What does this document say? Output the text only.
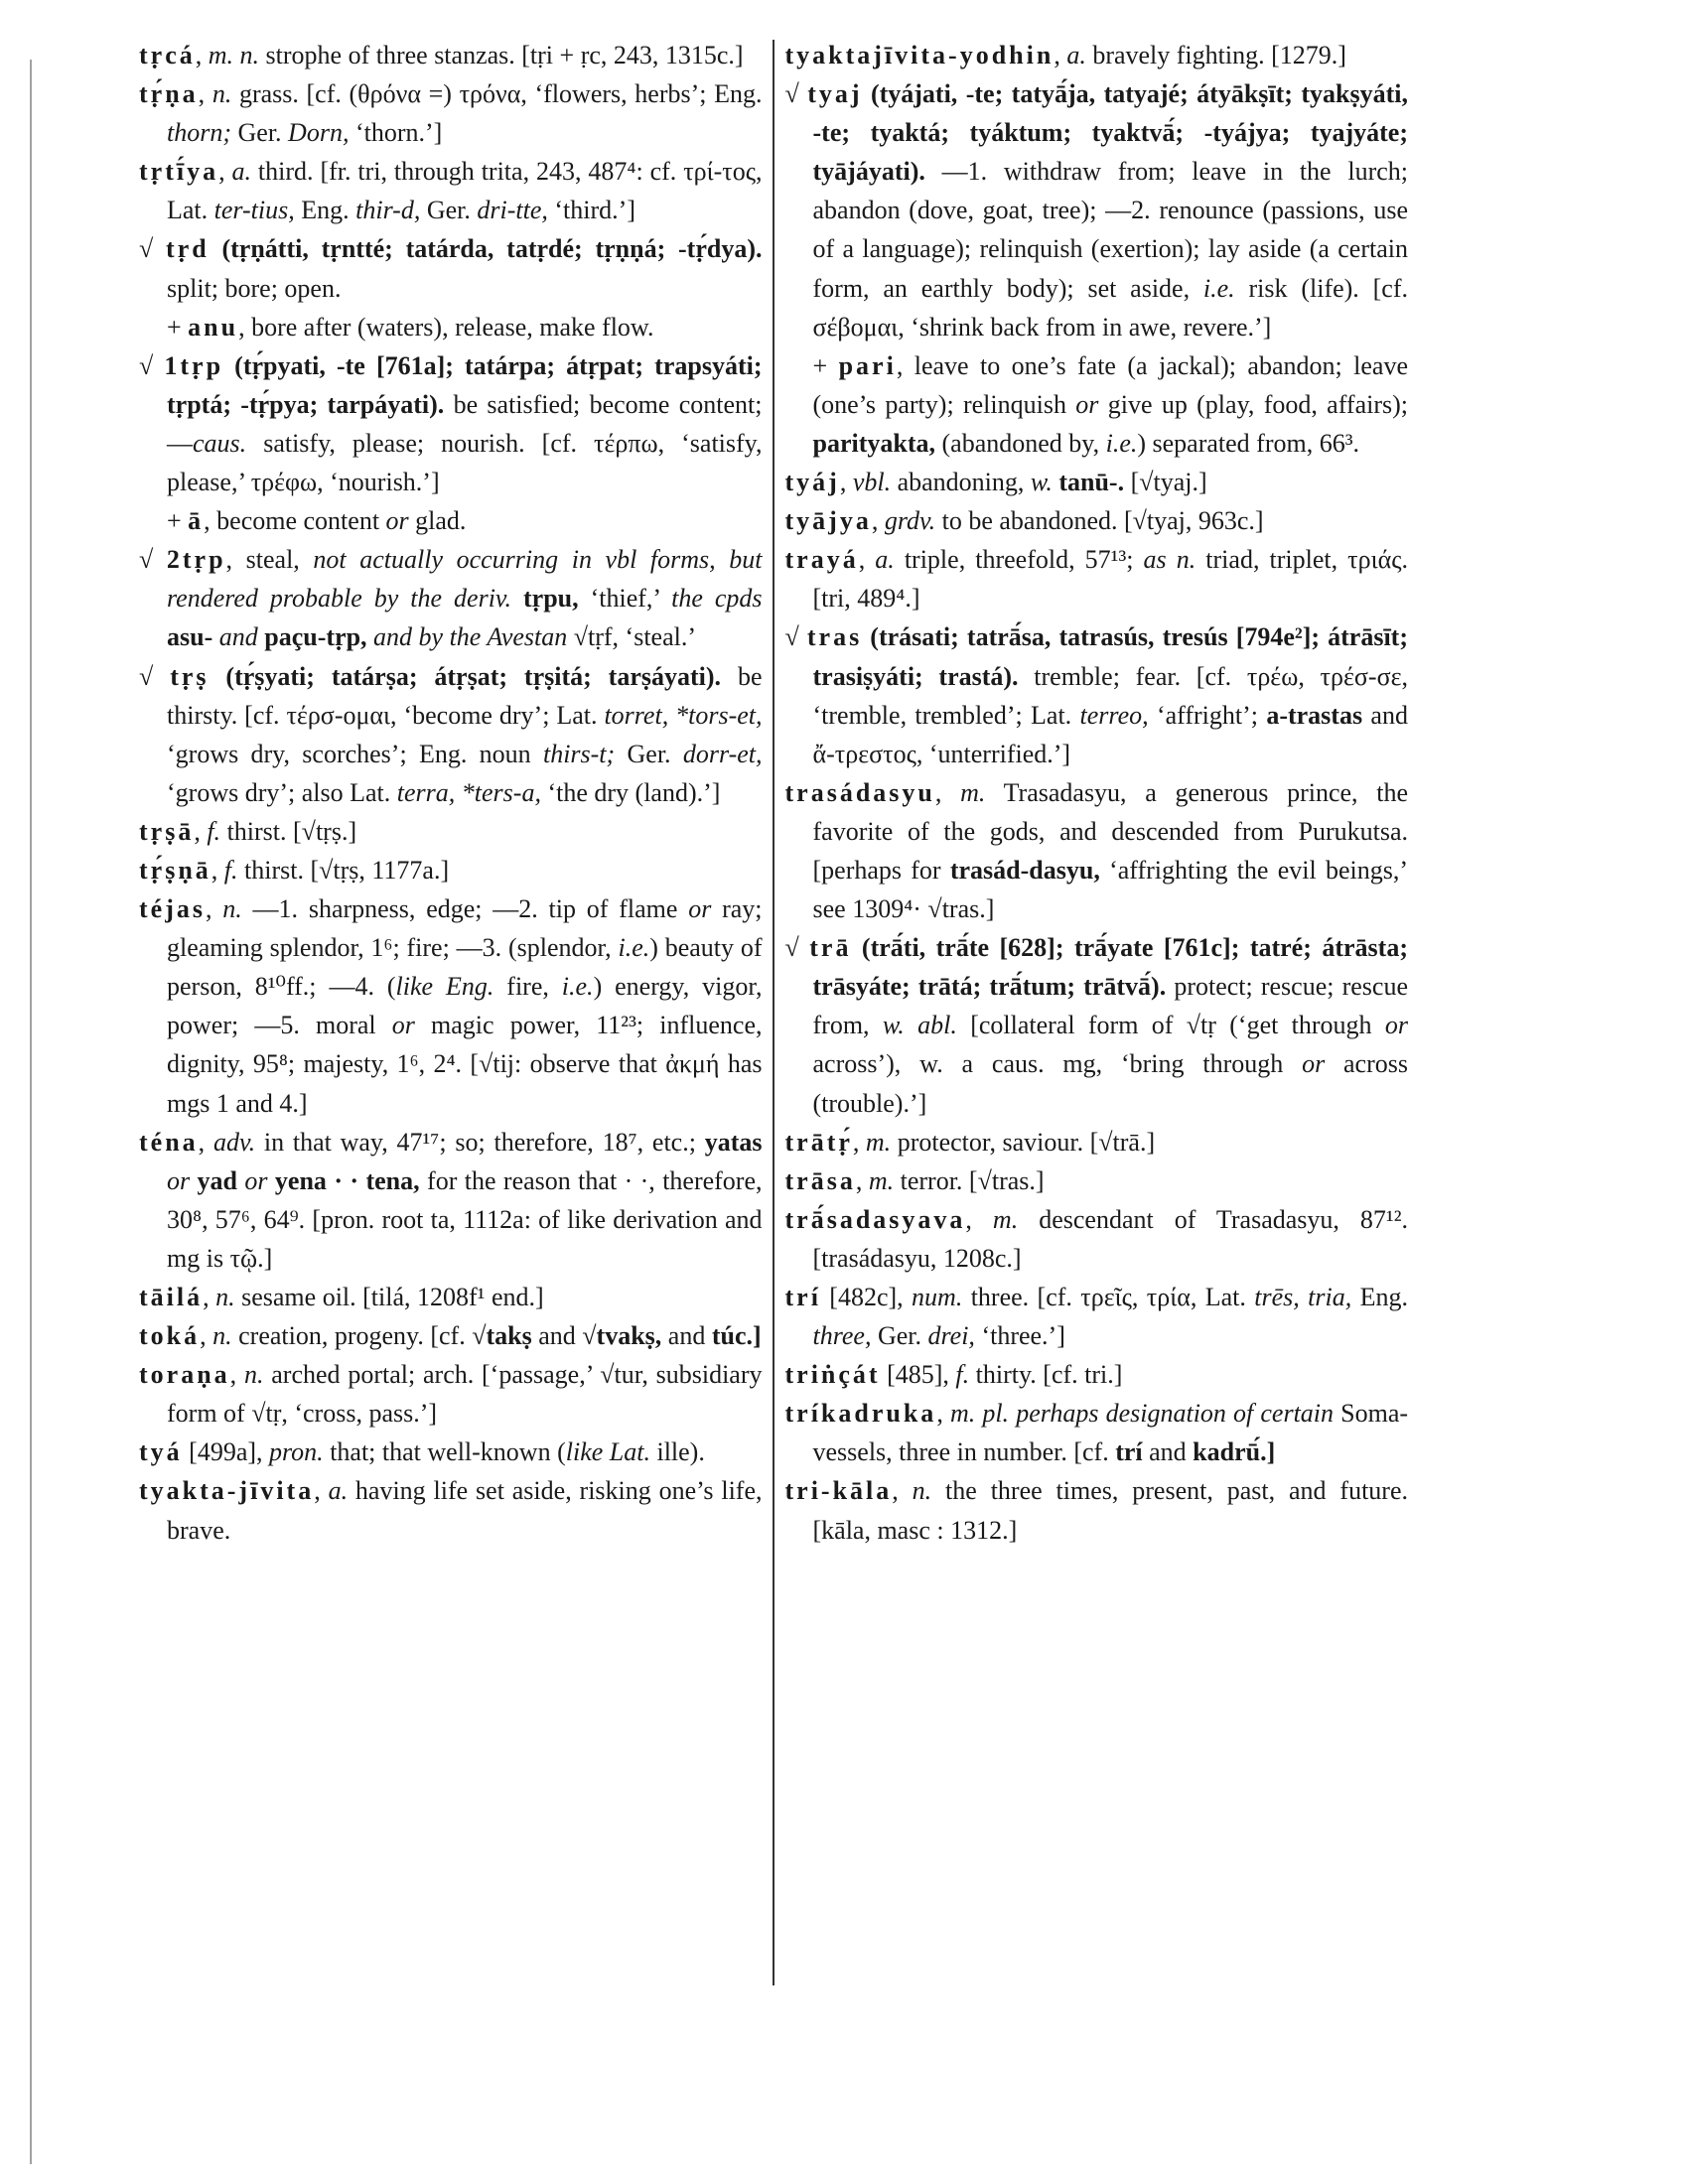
tṛcá, m. n. strophe of three stanzas. [tṛi + ṛc, 243, 1315c.]

tṛ́ṇa, n. grass. [cf. (θρόνα =) τρόνα, ‘flowers, herbs’; Eng. thorn; Ger. Dorn, ‘thorn.’]

tṛtī́ya, a. third. [fr. tri, through trita, 243, 487⁴: cf. τρί-τος, Lat. ter-tius, Eng. thir-d, Ger. dri-tte, ‘third.’]

√ tṛd (tṛṇátti, tṛntté; tatárda, tatṛdé; tṛṇṇá; -tṛ́dya). split; bore; open.

+ anu, bore after (waters), release, make flow.

√ 1tṛp (tṛ́pyati, -te [761a]; tatárpa; átṛpat; trapsyáti; tṛptá; -tṛ́pya; tarpáyati). be satisfied; become content; —caus. satisfy, please; nourish. [cf. τέρπω, ‘satisfy, please,’ τρέφω, ‘nourish.’]

+ ā, become content or glad.

√ 2tṛp, steal, not actually occurring in vbl forms, but rendered probable by the deriv. tṛpu, ‘thief,’ the cpds asu- and paçu-tṛp, and by the Avestan √tṛf, ‘steal.’

√ tṛṣ (tṛ́ṣyati; tatárṣa; átṛṣat; tṛṣitá; tarṣáyati). be thirsty. [cf. τέρσ-ομαι, ‘become dry’; Lat. torret, *tors-et, ‘grows dry, scorches’; Eng. noun thirs-t; Ger. dorr-et, ‘grows dry’; also Lat. terra, *ters-a, ‘the dry (land).’]

tṛṣā, f. thirst. [√tṛṣ.]

tṛ́ṣṇā, f. thirst. [√tṛṣ, 1177a.]

téjas, n. —1. sharpness, edge; —2. tip of flame or ray; gleaming splendor, 1⁶; fire; —3. (splendor, i.e.) beauty of person, 8¹⁰ff.; —4. (like Eng. fire, i.e.) energy, vigor, power; —5. moral or magic power, 11²³; influence, dignity, 95⁸; majesty, 1⁶, 2⁴. [√tij: observe that ἀκμή has mgs 1 and 4.]

téna, adv. in that way, 47¹⁷; so; therefore, 18⁷, etc.; yatas or yad or yena · · tena, for the reason that · ·, therefore, 30⁸, 57⁶, 64⁹. [pron. root ta, 1112a: of like derivation and mg is τῷ.]

tāilá, n. sesame oil. [tilá, 1208f¹ end.]

toká, n. creation, progeny. [cf. √takṣ and √tvakṣ, and túc.]

toraṇa, n. arched portal; arch. [‘passage,’ √tur, subsidiary form of √tṛ, ‘cross, pass.’]

tyá [499a], pron. that; that well-known (like Lat. ille).

tyakta-jīvita, a. having life set aside, risking one’s life, brave.

tyaktajīvita-yodhin, a. bravely fighting. [1279.]

√ tyaj (tyájati, -te; tatyā́ja, tatyajé; átyākṣīt; tyakṣyáti, -te; tyaktá; tyáktum; tyaktvā́; -tyájya; tyajyáte; tyājáyati). —1. withdraw from; leave in the lurch; abandon (dove, goat, tree); —2. renounce (passions, use of a language); relinquish (exertion); lay aside (a certain form, an earthly body); set aside, i.e. risk (life). [cf. σέβομαι, ‘shrink back from in awe, revere.’]

+ pari, leave to one’s fate (a jackal); abandon; leave (one’s party); relinquish or give up (play, food, affairs); parityakta, (abandoned by, i.e.) separated from, 66³.

tyáj, vbl. abandoning, w. tanū-. [√tyaj.]

tyājya, grdv. to be abandoned. [√tyaj, 963c.]

trayá, a. triple, threefold, 57¹³; as n. triad, triplet, τριάς. [tri, 489⁴.]

√ tras (trásati; tatrā́sa, tatrasús, tresús [794e²]; átrāsīt; trasiṣyáti; trastá). tremble; fear. [cf. τρέω, τρέσ-σε, ‘tremble, trembled’; Lat. terreo, ‘affright’; a-trastas and ἄ-τρεστος, ‘unterrified.’]

trasádasyu, m. Trasadasyu, a generous prince, the favorite of the gods, and descended from Purukutsa. [perhaps for trasád-dasyu, ‘affrighting the evil beings,’ see 1309⁴· √tras.]

√ trā (trā́ti, trā́te [628]; trā́yate [761c]; tatré; átrāsta; trāsyáte; trātá; trā́tum; trātvā́). protect; rescue; rescue from, w. abl. [collateral form of √tṛ (‘get through or across’), w. a caus. mg, ‘bring through or across (trouble).’]

trātṛ́, m. protector, saviour. [√trā.]

trāsa, m. terror. [√tras.]

trā́sadasyava, m. descendant of Trasadasyu, 87¹². [trasádasyu, 1208c.]

trí [482c], num. three. [cf. τρεῖς, τρία, Lat. trēs, tria, Eng. three, Ger. drei, ‘three.’]

triṅçát [485], f. thirty. [cf. tri.]

tríkadruka, m. pl. perhaps designation of certain Soma-vessels, three in number. [cf. trí and kadrū́.]

tri-kāla, n. the three times, present, past, and future. [kāla, masc : 1312.]
